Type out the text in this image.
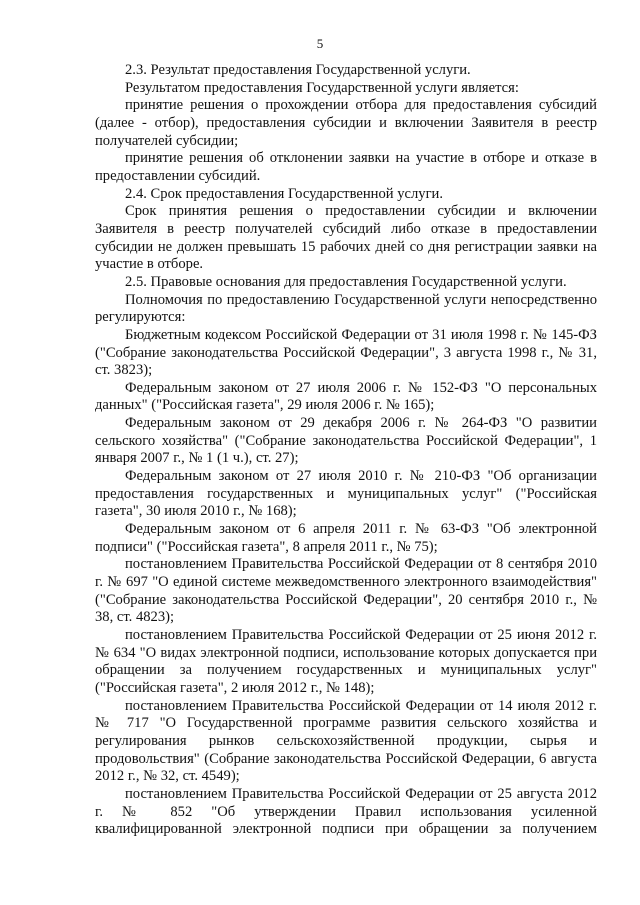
5

2.3. Результат предоставления Государственной услуги.

Результатом предоставления Государственной услуги является:

принятие решения о прохождении отбора для предоставления субсидий (далее - отбор), предоставления субсидии и включении Заявителя в реестр получателей субсидии;

принятие решения об отклонении заявки на участие в отборе и отказе в предоставлении субсидий.

2.4. Срок предоставления Государственной услуги.

Срок принятия решения о предоставлении субсидии и включении Заявителя в реестр получателей субсидий либо отказе в предоставлении субсидии не должен превышать 15 рабочих дней со дня регистрации заявки на участие в отборе.

2.5. Правовые основания для предоставления Государственной услуги.

Полномочия по предоставлению Государственной услуги непосредственно регулируются:

Бюджетным кодексом Российской Федерации от 31 июля 1998 г. № 145-ФЗ ("Собрание законодательства Российской Федерации", 3 августа 1998 г., № 31, ст. 3823);

Федеральным законом от 27 июля 2006 г. № 152-ФЗ "О персональных данных" ("Российская газета", 29 июля 2006 г. № 165);

Федеральным законом от 29 декабря 2006 г. № 264-ФЗ "О развитии сельского хозяйства" ("Собрание законодательства Российской Федерации", 1 января 2007 г., № 1 (1 ч.), ст. 27);

Федеральным законом от 27 июля 2010 г. № 210-ФЗ "Об организации предоставления государственных и муниципальных услуг" ("Российская газета", 30 июля 2010 г., № 168);

Федеральным законом от 6 апреля 2011 г. № 63-ФЗ "Об электронной подписи" ("Российская газета", 8 апреля 2011 г., № 75);

постановлением Правительства Российской Федерации от 8 сентября 2010 г. № 697 "О единой системе межведомственного электронного взаимодействия" ("Собрание законодательства Российской Федерации", 20 сентября 2010 г., № 38, ст. 4823);

постановлением Правительства Российской Федерации от 25 июня 2012 г. № 634 "О видах электронной подписи, использование которых допускается при обращении за получением государственных и муниципальных услуг" ("Российская газета", 2 июля 2012 г., № 148);

постановлением Правительства Российской Федерации от 14 июля 2012 г. № 717 "О Государственной программе развития сельского хозяйства и регулирования рынков сельскохозяйственной продукции, сырья и продовольствия" (Собрание законодательства Российской Федерации, 6 августа 2012 г., № 32, ст. 4549);

постановлением Правительства Российской Федерации от 25 августа 2012 г. № 852 "Об утверждении Правил использования усиленной квалифицированной электронной подписи при обращении за получением
